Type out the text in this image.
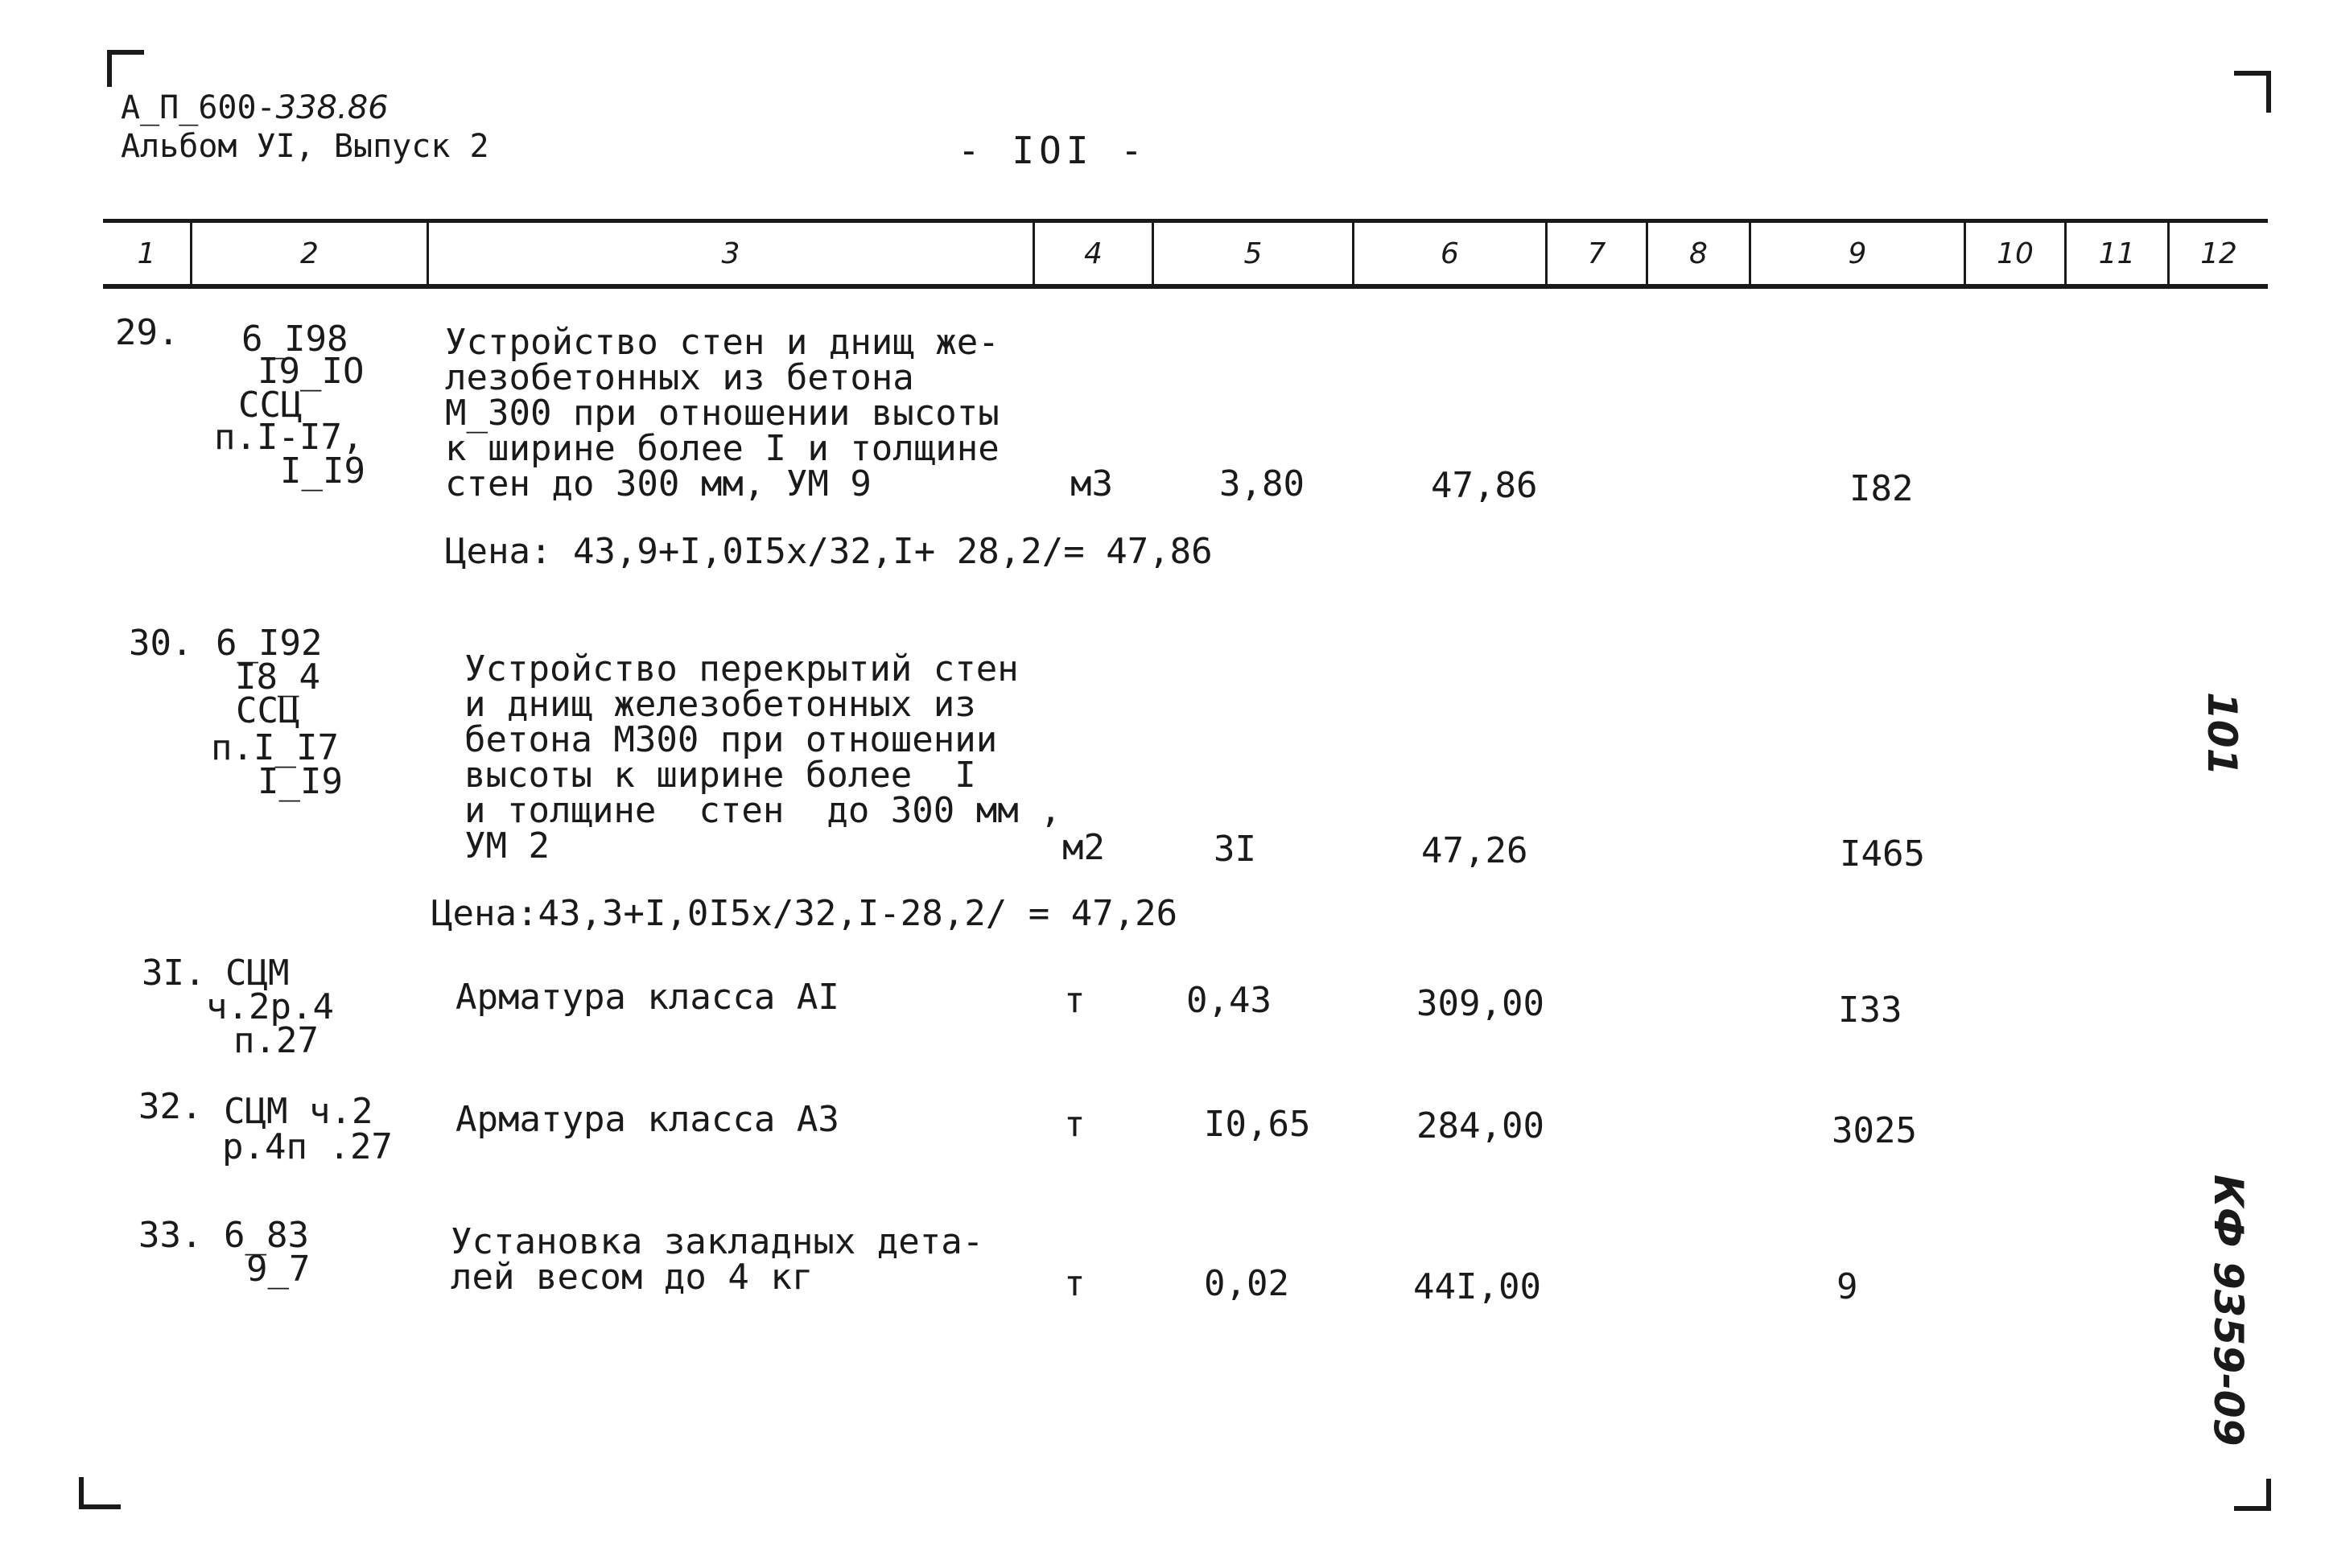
А_П_600-338.86
Альбом УI, Выпуск 2	- IOI -
1	2	3	4	5	6	7	8	9	10	11	12
29. 6_I98
I9_IO
ССЦ
п.I-I7,
I_I9
Устройство стен и днищ же-
лезобетонных из бетона
М_300 при отношении высоты
к ширине более I и толщине
стен до 300 мм, УМ 9	м3	3,80	47,86	I82
Цена: 43,9+I,0I5х/32,I+ 28,2/= 47,86
30. 6_I92
I8_4
ССЦ
п.I_I7
I_I9
Устройство перекрытий стен
и днищ железобетонных из
бетона М300 при отношении
высоты к ширине более  I
и толщине  стен  до 300 мм ,
УМ 2	м2	3I	47,26	I465
Цена:43,3+I,0I5х/32,I-28,2/ = 47,26
3I. СЦМ
ч.2р.4
п.27
Арматура класса АI	т	0,43	309,00	I33
32. СЦМ ч.2
р.4п .27
Арматура класса А3	т	I0,65	284,00	3025
33. 6_83
9_7
Установка закладных дета-
лей весом до 4 кг	т	0,02	44I,00	9
101
КФ 9359-09
